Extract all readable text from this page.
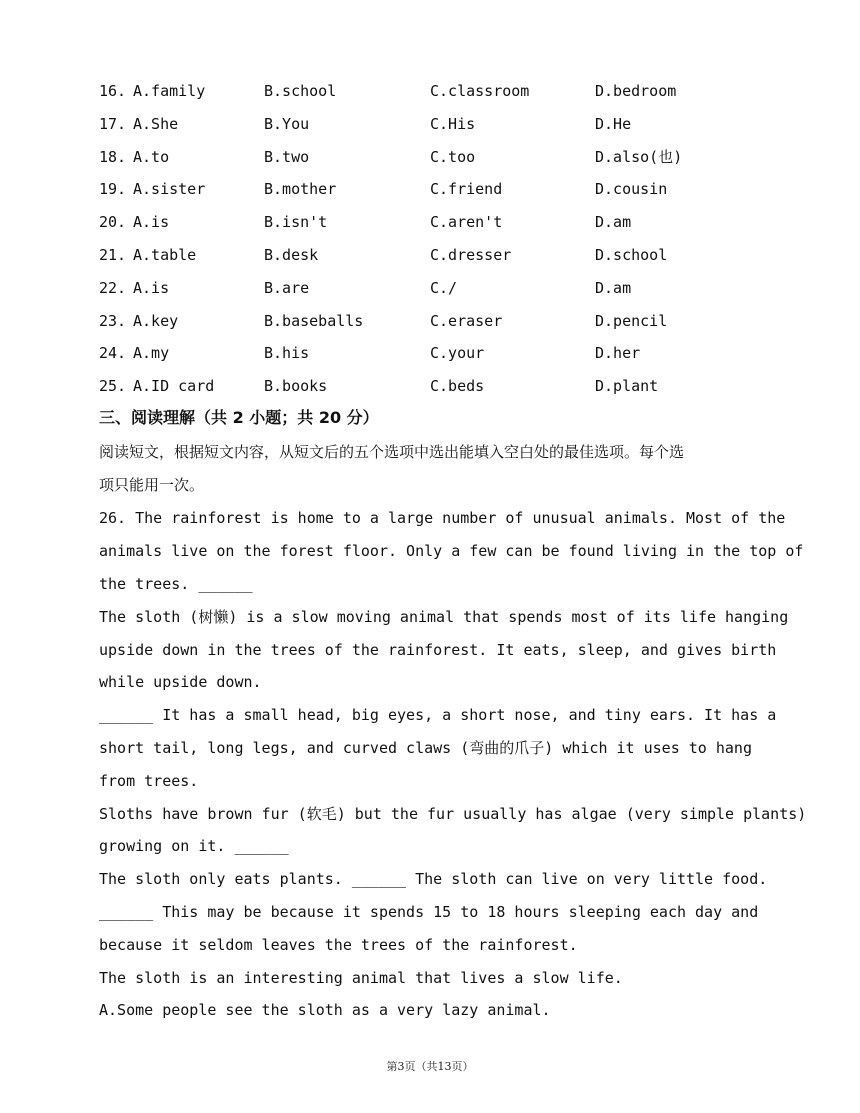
16. A.family	B.school	C.classroom	D.bedroom
17. A.She	B.You	C.His	D.He
18. A.to	B.two	C.too	D.also(也)
19. A.sister	B.mother	C.friend	D.cousin
20. A.is	B.isn't	C.aren't	D.am
21. A.table	B.desk	C.dresser	D.school
22. A.is	B.are	C./	D.am
23. A.key	B.baseballs	C.eraser	D.pencil
24. A.my	B.his	C.your	D.her
25. A.ID card	B.books	C.beds	D.plant
三、阅读理解（共 2 小题；共 20 分）
阅读短文，根据短文内容，从短文后的五个选项中选出能填入空白处的最佳选项。每个选
项只能用一次。
26. The rainforest is home to a large number of unusual animals. Most of the
animals live on the forest floor. Only a few can be found living in the top of
the trees. ______
The sloth (树懒) is a slow moving animal that spends most of its life hanging
upside down in the trees of the rainforest. It eats, sleep, and gives birth
while upside down.
______ It has a small head, big eyes, a short nose, and tiny ears. It has a
short tail, long legs, and curved claws (弯曲的爪子) which it uses to hang
from trees.
Sloths have brown fur (软毛) but the fur usually has algae (very simple plants)
growing on it. ______
The sloth only eats plants. ______ The sloth can live on very little food.
______ This may be because it spends 15 to 18 hours sleeping each day and
because it seldom leaves the trees of the rainforest.
The sloth is an interesting animal that lives a slow life.
A.Some people see the sloth as a very lazy animal.
第3页（共13页）
